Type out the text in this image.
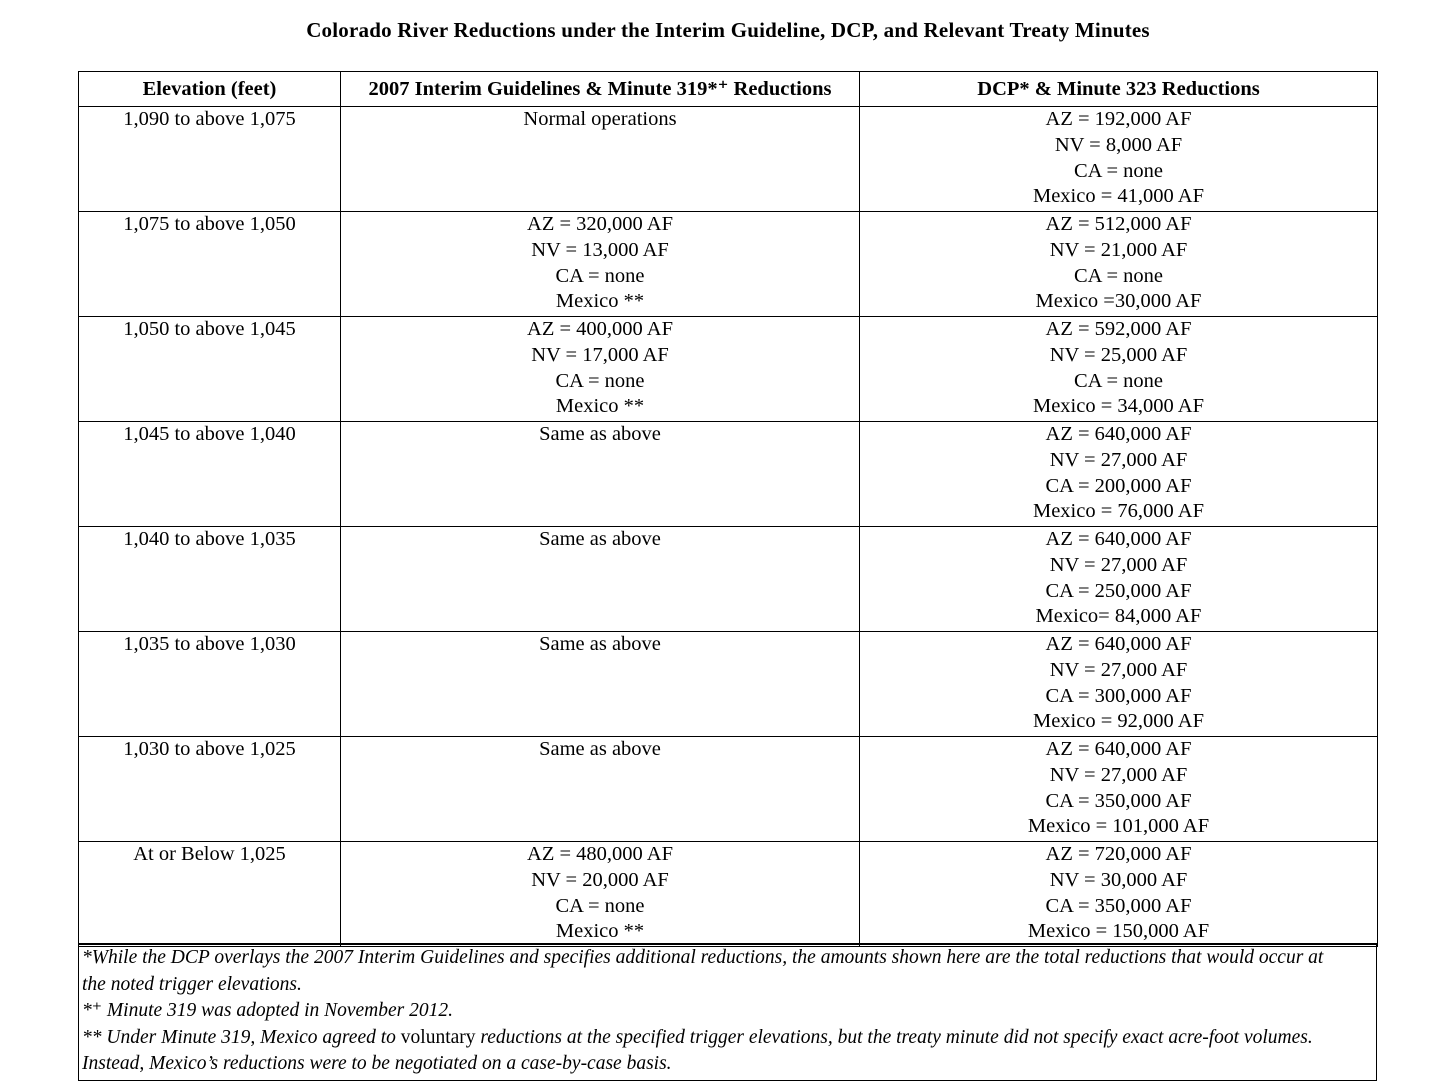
Colorado River Reductions under the Interim Guideline, DCP, and Relevant Treaty Minutes
Elevation (feet)	2007 Interim Guidelines & Minute 319*⁺ Reductions	DCP* & Minute 323 Reductions
1,090 to above 1,075	Normal operations	AZ = 192,000 AF
NV = 8,000 AF
CA = none
Mexico = 41,000 AF

1,075 to above 1,050	AZ = 320,000 AF
NV = 13,000 AF
CA = none
Mexico **	AZ = 512,000 AF
NV = 21,000 AF
CA = none
Mexico =30,000 AF

1,050 to above 1,045	AZ = 400,000 AF
NV = 17,000 AF
CA = none
Mexico **	AZ = 592,000 AF
NV = 25,000 AF
CA = none
Mexico = 34,000 AF

1,045 to above 1,040	Same as above	AZ = 640,000 AF
NV = 27,000 AF
CA = 200,000 AF
Mexico = 76,000 AF

1,040 to above 1,035	Same as above	AZ = 640,000 AF
NV = 27,000 AF
CA = 250,000 AF
Mexico= 84,000 AF

1,035 to above 1,030	Same as above	AZ = 640,000 AF
NV = 27,000 AF
CA = 300,000 AF
Mexico = 92,000 AF

1,030 to above 1,025	Same as above	AZ = 640,000 AF
NV = 27,000 AF
CA = 350,000 AF
Mexico = 101,000 AF

At or Below 1,025	AZ = 480,000 AF
NV = 20,000 AF
CA = none
Mexico **	AZ = 720,000 AF
NV = 30,000 AF
CA = 350,000 AF
Mexico = 150,000 AF
*While the DCP overlays the 2007 Interim Guidelines and specifies additional reductions, the amounts shown here are the total reductions that would occur at
the noted trigger elevations.
*⁺ Minute 319 was adopted in November 2012.
** Under Minute 319, Mexico agreed to voluntary reductions at the specified trigger elevations, but the treaty minute did not specify exact acre-foot volumes.
Instead, Mexico’s reductions were to be negotiated on a case-by-case basis.
